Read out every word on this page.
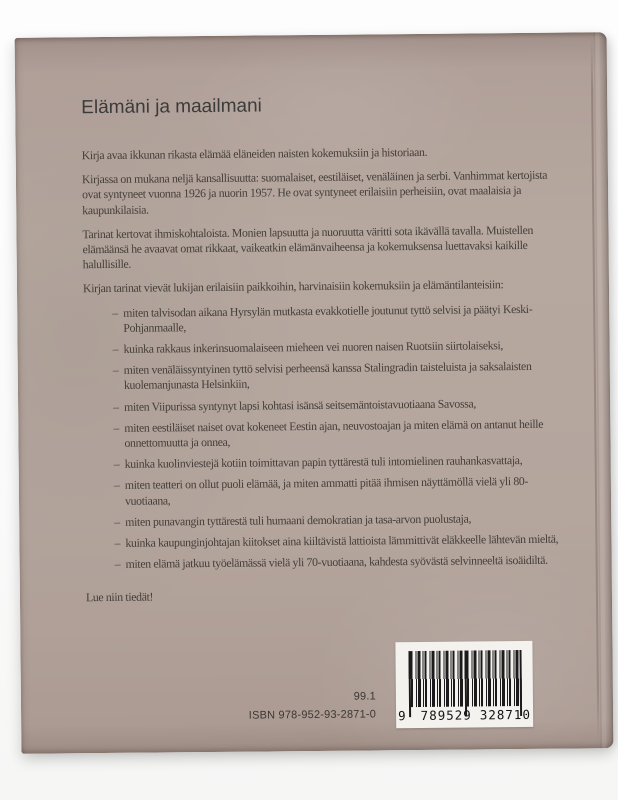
Elämäni ja maailmani

Kirja avaa ikkunan rikasta elämää eläneiden naisten kokemuksiin ja historiaan.

Kirjassa on mukana neljä kansallisuutta: suomalaiset, eestiläiset, venäläinen ja serbi. Vanhimmat kertojista ovat syntyneet vuonna 1926 ja nuorin 1957. He ovat syntyneet erilaisiin perheisiin, ovat maalaisia ja kaupunkilaisia.

Tarinat kertovat ihmiskohtaloista. Monien lapsuutta ja nuoruutta väritti sota ikävällä tavalla. Muistellen elämäänsä he avaavat omat rikkaat, vaikeatkin elämänvaiheensa ja kokemuksensa luettavaksi kaikille halullisille.

Kirjan tarinat vievät lukijan erilaisiin paikkoihin, harvinaisiin kokemuksiin ja elämäntilanteisiin:

– miten talvisodan aikana Hyrsylän mutkasta evakkotielle joutunut tyttö selvisi ja päätyi Keski-Pohjanmaalle,
– kuinka rakkaus inkerinsuomalaiseen mieheen vei nuoren naisen Ruotsiin siirtolaiseksi,
– miten venäläissyntyinen tyttö selvisi perheensä kanssa Stalingradin taisteluista ja saksalaisten kuolemanjunasta Helsinkiin,
– miten Viipurissa syntynyt lapsi kohtasi isänsä seitsemäntoistavuotiaana Savossa,
– miten eestiläiset naiset ovat kokeneet Eestin ajan, neuvostoajan ja miten elämä on antanut heille onnettomuutta ja onnea,
– kuinka kuolinviestejä kotiin toimittavan papin tyttärestä tuli intomielinen rauhankasvattaja,
– miten teatteri on ollut puoli elämää, ja miten ammatti pitää ihmisen näyttämöllä vielä yli 80-vuotiaana,
– miten punavangin tyttärestä tuli humaani demokratian ja tasa-arvon puolustaja,
– kuinka kaupunginjohtajan kiitokset aina kiiltävistä lattioista lämmittivät eläkkeelle lähtevän mieltä,
– miten elämä jatkuu työelämässä vielä yli 70-vuotiaana, kahdesta syövästä selvinneeltä isoäidiltä.

Lue niin tiedät!

99.1
ISBN 978-952-93-2871-0 9 789529 328710
